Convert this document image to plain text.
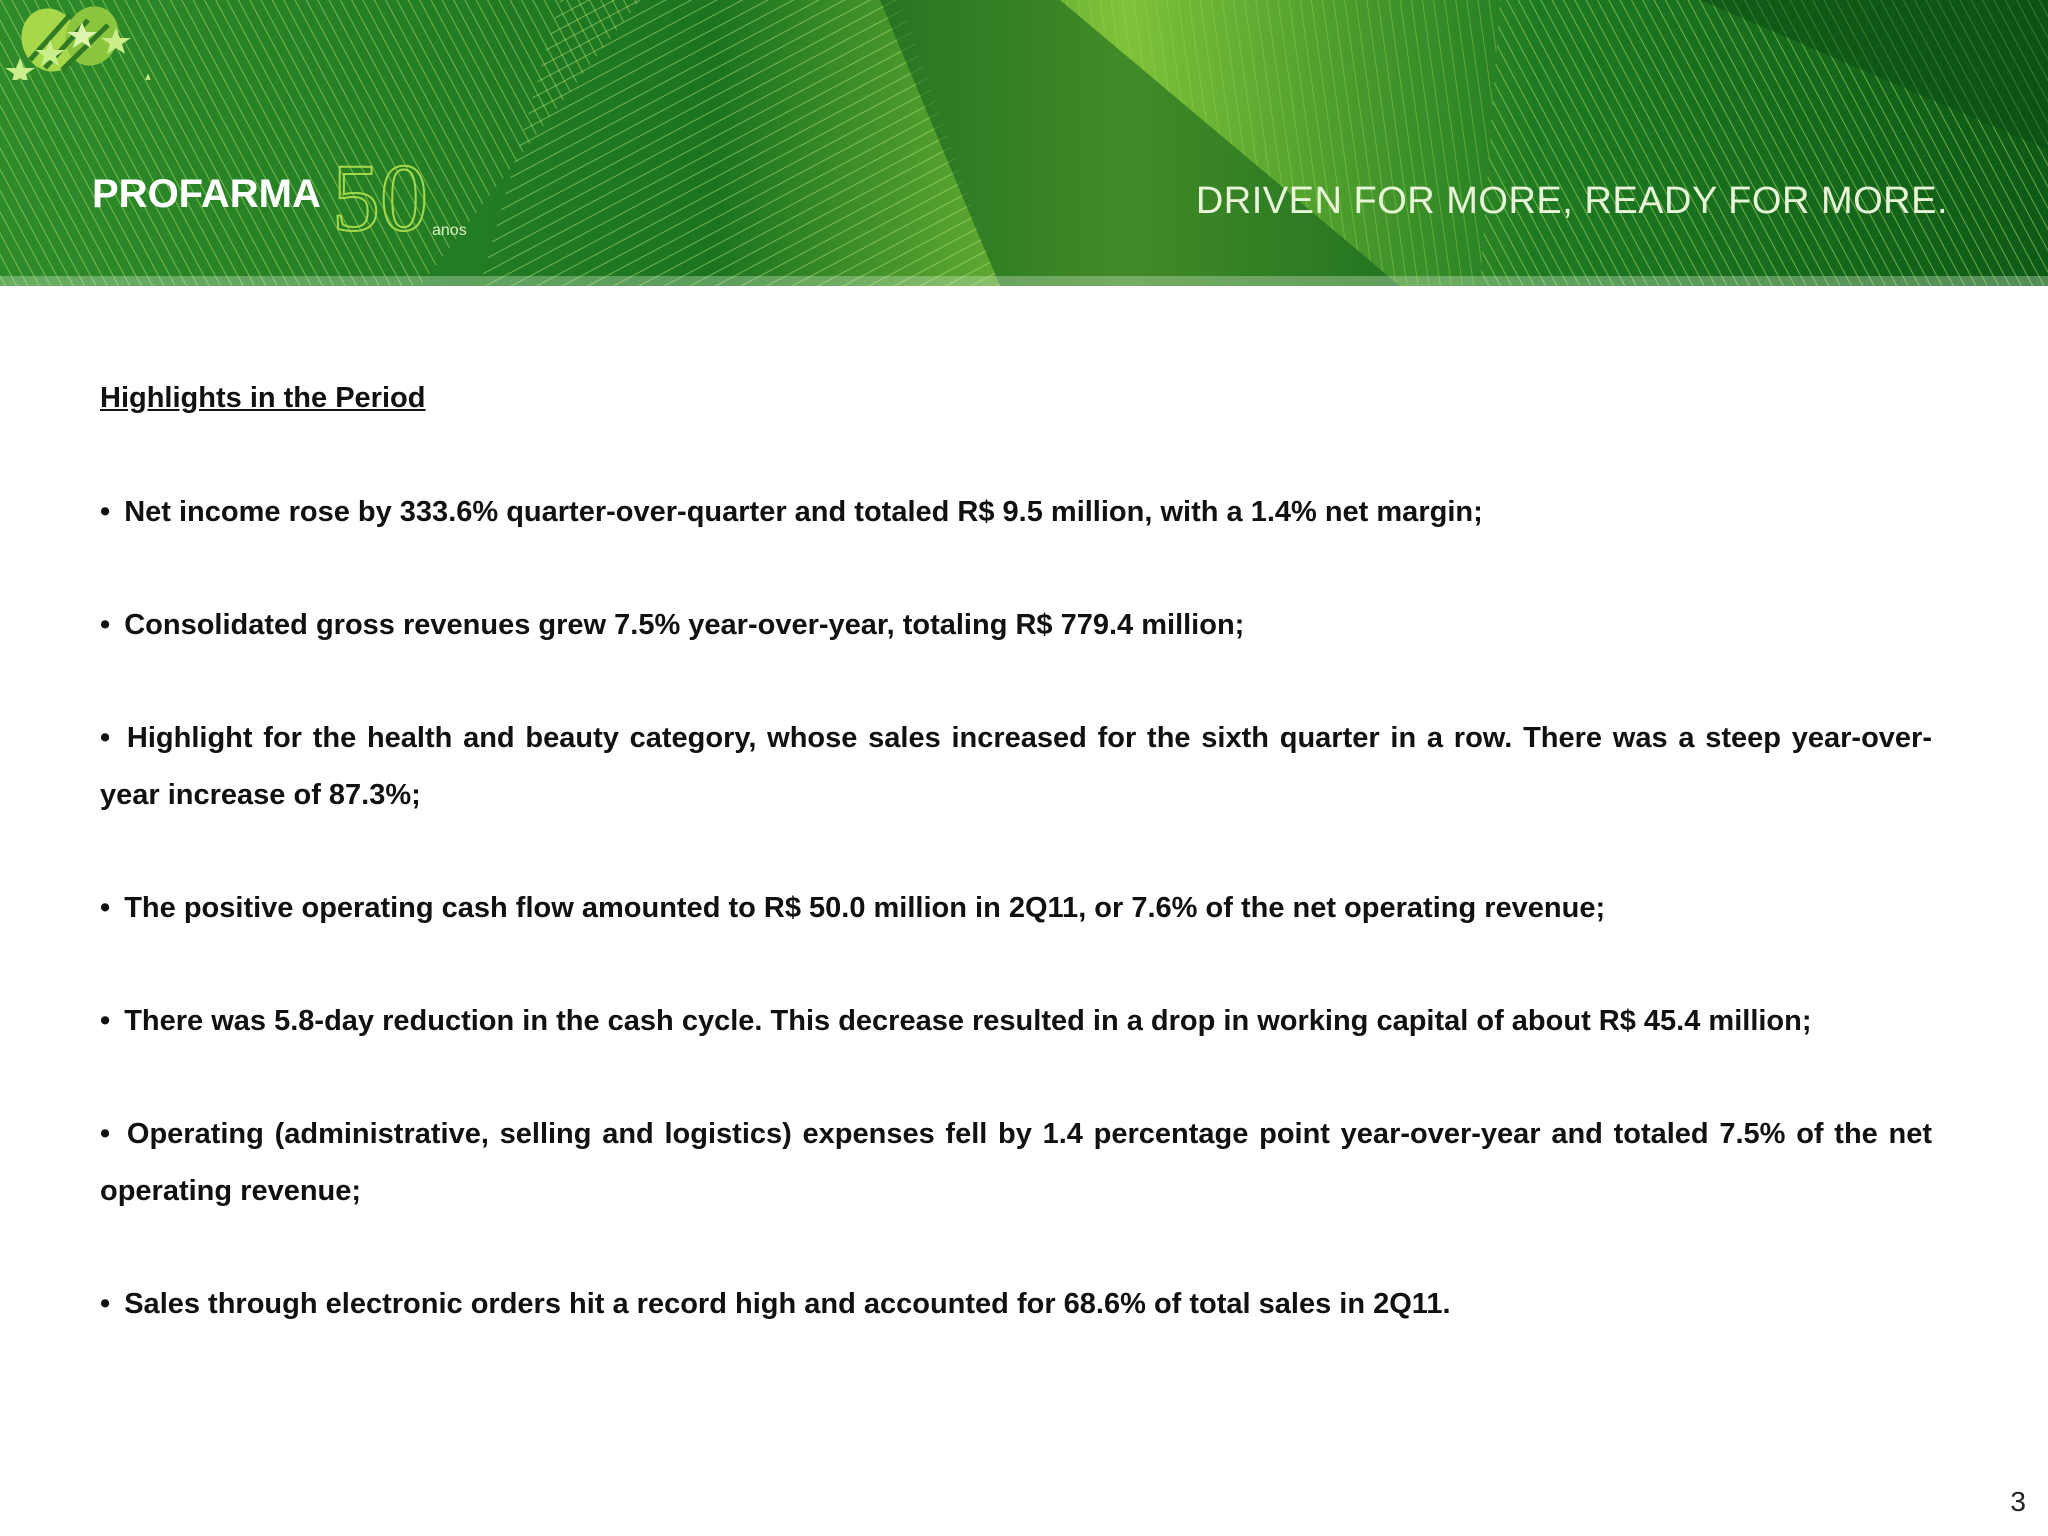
PROFARMA 50 anos
DRIVEN FOR MORE, READY FOR MORE.
Highlights in the Period
• Net income rose by 333.6% quarter-over-quarter and totaled R$ 9.5 million, with a 1.4% net margin;
• Consolidated gross revenues grew 7.5% year-over-year, totaling R$ 779.4 million;
• Highlight for the health and beauty category, whose sales increased for the sixth quarter in a row. There was a steep year-over-year increase of 87.3%;
• The positive operating cash flow amounted to R$ 50.0 million in 2Q11, or 7.6% of the net operating revenue;
• There was 5.8-day reduction in the cash cycle. This decrease resulted in a drop in working capital of about R$ 45.4 million;
• Operating (administrative, selling and logistics) expenses fell by 1.4 percentage point year-over-year and totaled 7.5% of the net operating revenue;
• Sales through electronic orders hit a record high and accounted for 68.6% of total sales in 2Q11.
3
